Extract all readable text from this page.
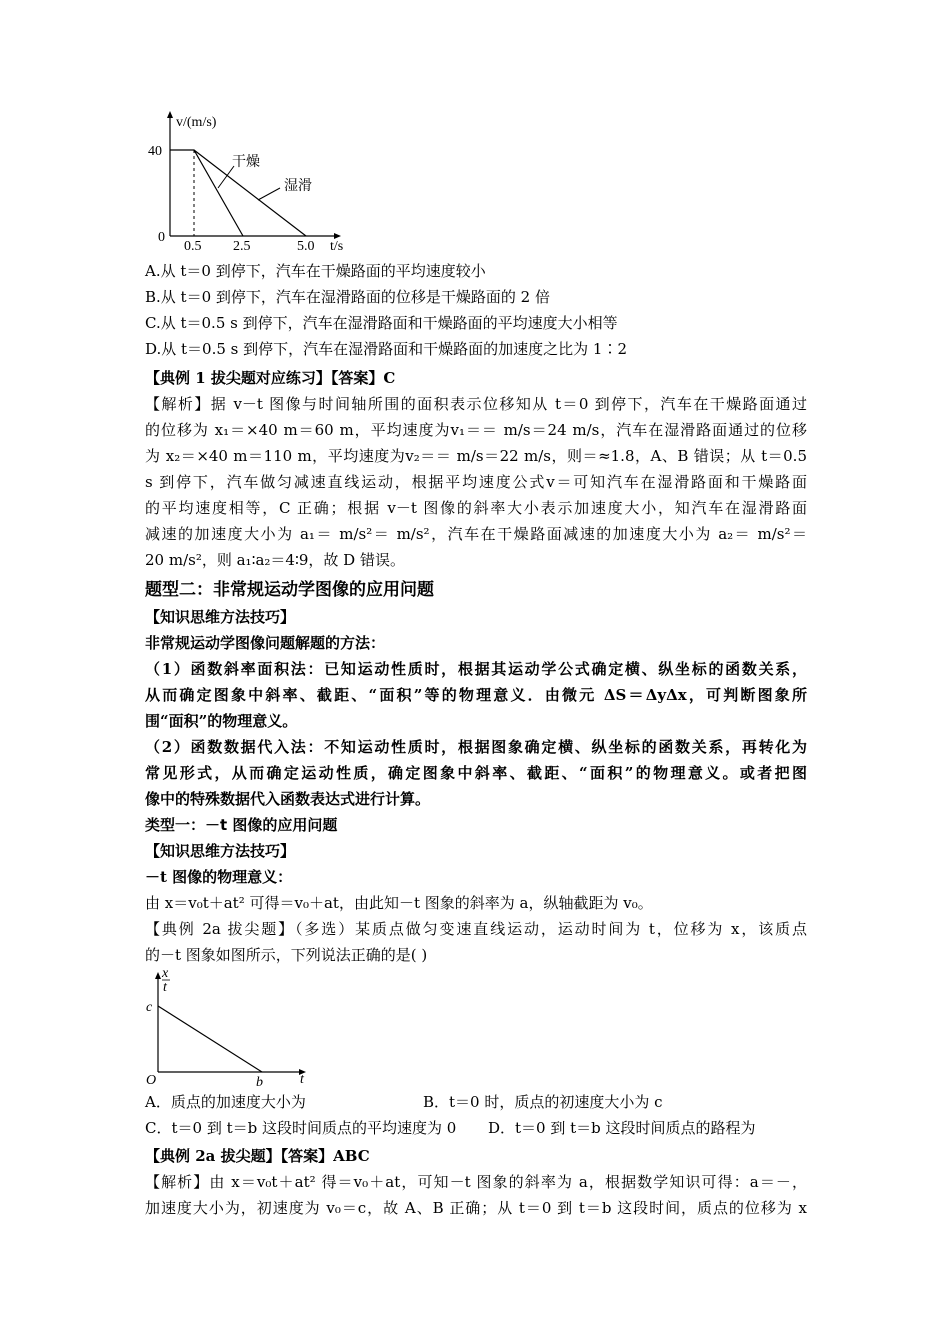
v/(m/s)
40
0
0.5 2.5	5.0 t/s
干燥
湿滑
A.从 t＝0 到停下，汽车在干燥路面的平均速度较小
B.从 t＝0 到停下，汽车在湿滑路面的位移是干燥路面的 2 倍
C.从 t＝0.5 s 到停下，汽车在湿滑路面和干燥路面的平均速度大小相等
D.从 t＝0.5 s 到停下，汽车在湿滑路面和干燥路面的加速度之比为 1∶2
【典例 1 拔尖题对应练习】【答案】C
【解析】据 v－t 图像与时间轴所围的面积表示位移知从 t＝0 到停下，汽车在干燥路面通过
的位移为 x₁＝×40 m＝60 m，平均速度为v₁＝＝ m/s＝24 m/s，汽车在湿滑路面通过的位移
为 x₂＝×40 m＝110 m，平均速度为v₂＝＝ m/s＝22 m/s，则＝≈1.8，A、B 错误；从 t＝0.5
s 到停下，汽车做匀减速直线运动，根据平均速度公式v＝可知汽车在湿滑路面和干燥路面
的平均速度相等，C 正确；根据 v－t 图像的斜率大小表示加速度大小，知汽车在湿滑路面
减速的加速度大小为 a₁＝ m/s²＝ m/s²，汽车在干燥路面减速的加速度大小为 a₂＝ m/s²＝
20 m/s²，则 a₁∶a₂＝4∶9，故 D 错误。
题型二：非常规运动学图像的应用问题
【知识思维方法技巧】
非常规运动学图像问题解题的方法：
（1）函数斜率面积法：已知运动性质时，根据其运动学公式确定横、纵坐标的函数关系，
从而确定图象中斜率、截距、“面积”等的物理意义．由微元 ΔS＝ΔyΔx，可判断图象所
围“面积”的物理意义。
（2）函数数据代入法：不知运动性质时，根据图象确定横、纵坐标的函数关系，再转化为
常见形式，从而确定运动性质，确定图象中斜率、截距、“面积”的物理意义。或者把图
像中的特殊数据代入函数表达式进行计算。
类型一：－t 图像的应用问题
【知识思维方法技巧】
－t 图像的物理意义：
由 x＝v₀t＋at² 可得＝v₀＋at，由此知－t 图象的斜率为 a，纵轴截距为 v₀。
【典例 2a 拔尖题】（多选）某质点做匀变速直线运动，运动时间为 t，位移为 x，该质点
的－t 图象如图所示，下列说法正确的是( )
x
t
c
O	b	t
A．质点的加速度大小为	B．t＝0 时，质点的初速度大小为 c
C．t＝0 到 t＝b 这段时间质点的平均速度为 0 D．t＝0 到 t＝b 这段时间质点的路程为
【典例 2a 拔尖题】【答案】ABC
【解析】由 x＝v₀t＋at² 得＝v₀＋at，可知－t 图象的斜率为 a，根据数学知识可得：a＝－，
加速度大小为，初速度为 v₀＝c，故 A、B 正确；从 t＝0 到 t＝b 这段时间，质点的位移为 x
